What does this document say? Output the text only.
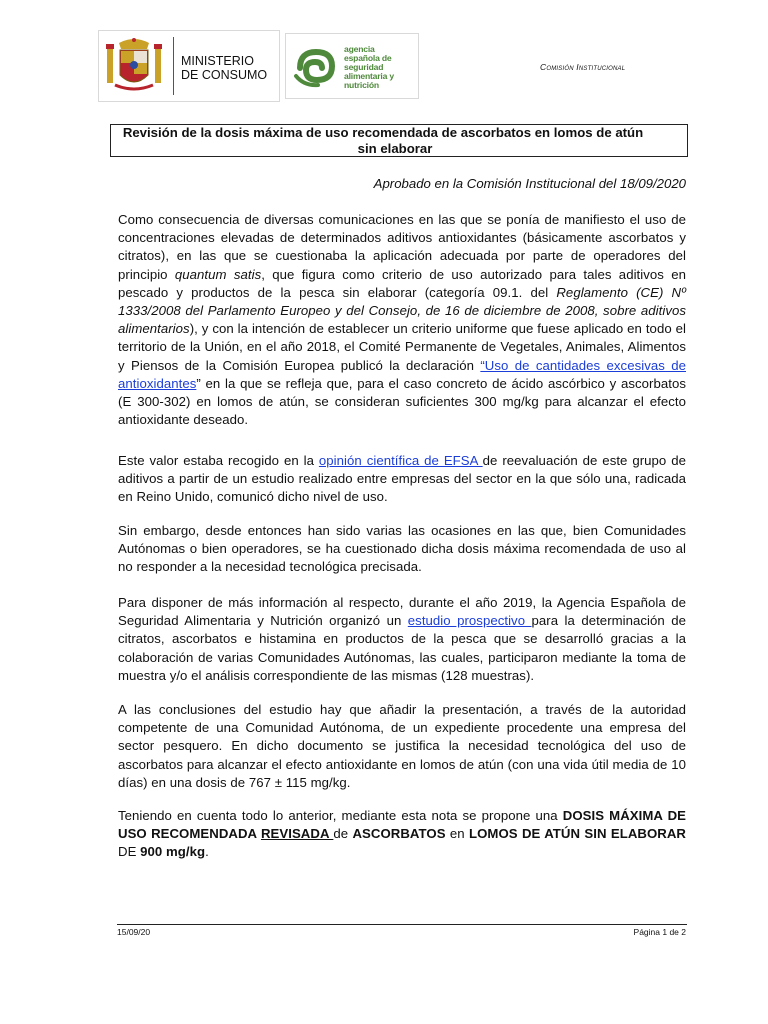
MINISTERIO
DE CONSUMO
agencia
española de
seguridad
alimentaria y
nutrición
Comisión Institucional
Revisión de la dosis máxima de uso recomendada de ascorbatos en lomos de atún
sin elaborar
Aprobado en la Comisión Institucional del 18/09/2020
Como consecuencia de diversas comunicaciones en las que se ponía de manifiesto el uso de concentraciones elevadas de determinados aditivos antioxidantes (básicamente ascorbatos y citratos), en las que se cuestionaba la aplicación adecuada por parte de operadores del principio quantum satis, que figura como criterio de uso autorizado para tales aditivos en pescado y productos de la pesca sin elaborar (categoría 09.1. del Reglamento (CE) Nº 1333/2008 del Parlamento Europeo y del Consejo, de 16 de diciembre de 2008, sobre aditivos alimentarios), y con la intención de establecer un criterio uniforme que fuese aplicado en todo el territorio de la Unión, en el año 2018, el Comité Permanente de Vegetales, Animales, Alimentos y Piensos de la Comisión Europea publicó la declaración “Uso de cantidades excesivas de antioxidantes” en la que se refleja que, para el caso concreto de ácido ascórbico y ascorbatos (E 300-302) en lomos de atún, se consideran suficientes 300 mg/kg para alcanzar el efecto antioxidante deseado.
Este valor estaba recogido en la opinión científica de EFSA de reevaluación de este grupo de aditivos a partir de un estudio realizado entre empresas del sector en la que sólo una, radicada en Reino Unido, comunicó dicho nivel de uso.
Sin embargo, desde entonces han sido varias las ocasiones en las que, bien Comunidades Autónomas o bien operadores, se ha cuestionado dicha dosis máxima recomendada de uso al no responder a la necesidad tecnológica precisada.
Para disponer de más información al respecto, durante el año 2019, la Agencia Española de Seguridad Alimentaria y Nutrición organizó un estudio prospectivo para la determinación de citratos, ascorbatos e histamina en productos de la pesca que se desarrolló gracias a la colaboración de varias Comunidades Autónomas, las cuales, participaron mediante la toma de muestra y/o el análisis correspondiente de las mismas (128 muestras).
A las conclusiones del estudio hay que añadir la presentación, a través de la autoridad competente de una Comunidad Autónoma, de un expediente procedente una empresa del sector pesquero. En dicho documento se justifica la necesidad tecnológica del uso de ascorbatos para alcanzar el efecto antioxidante en lomos de atún (con una vida útil media de 10 días) en una dosis de 767 ± 115 mg/kg.
Teniendo en cuenta todo lo anterior, mediante esta nota se propone una DOSIS MÁXIMA DE USO RECOMENDADA REVISADA de ASCORBATOS en LOMOS DE ATÚN SIN ELABORAR DE 900 mg/kg.
15/09/20	Página 1 de 2
